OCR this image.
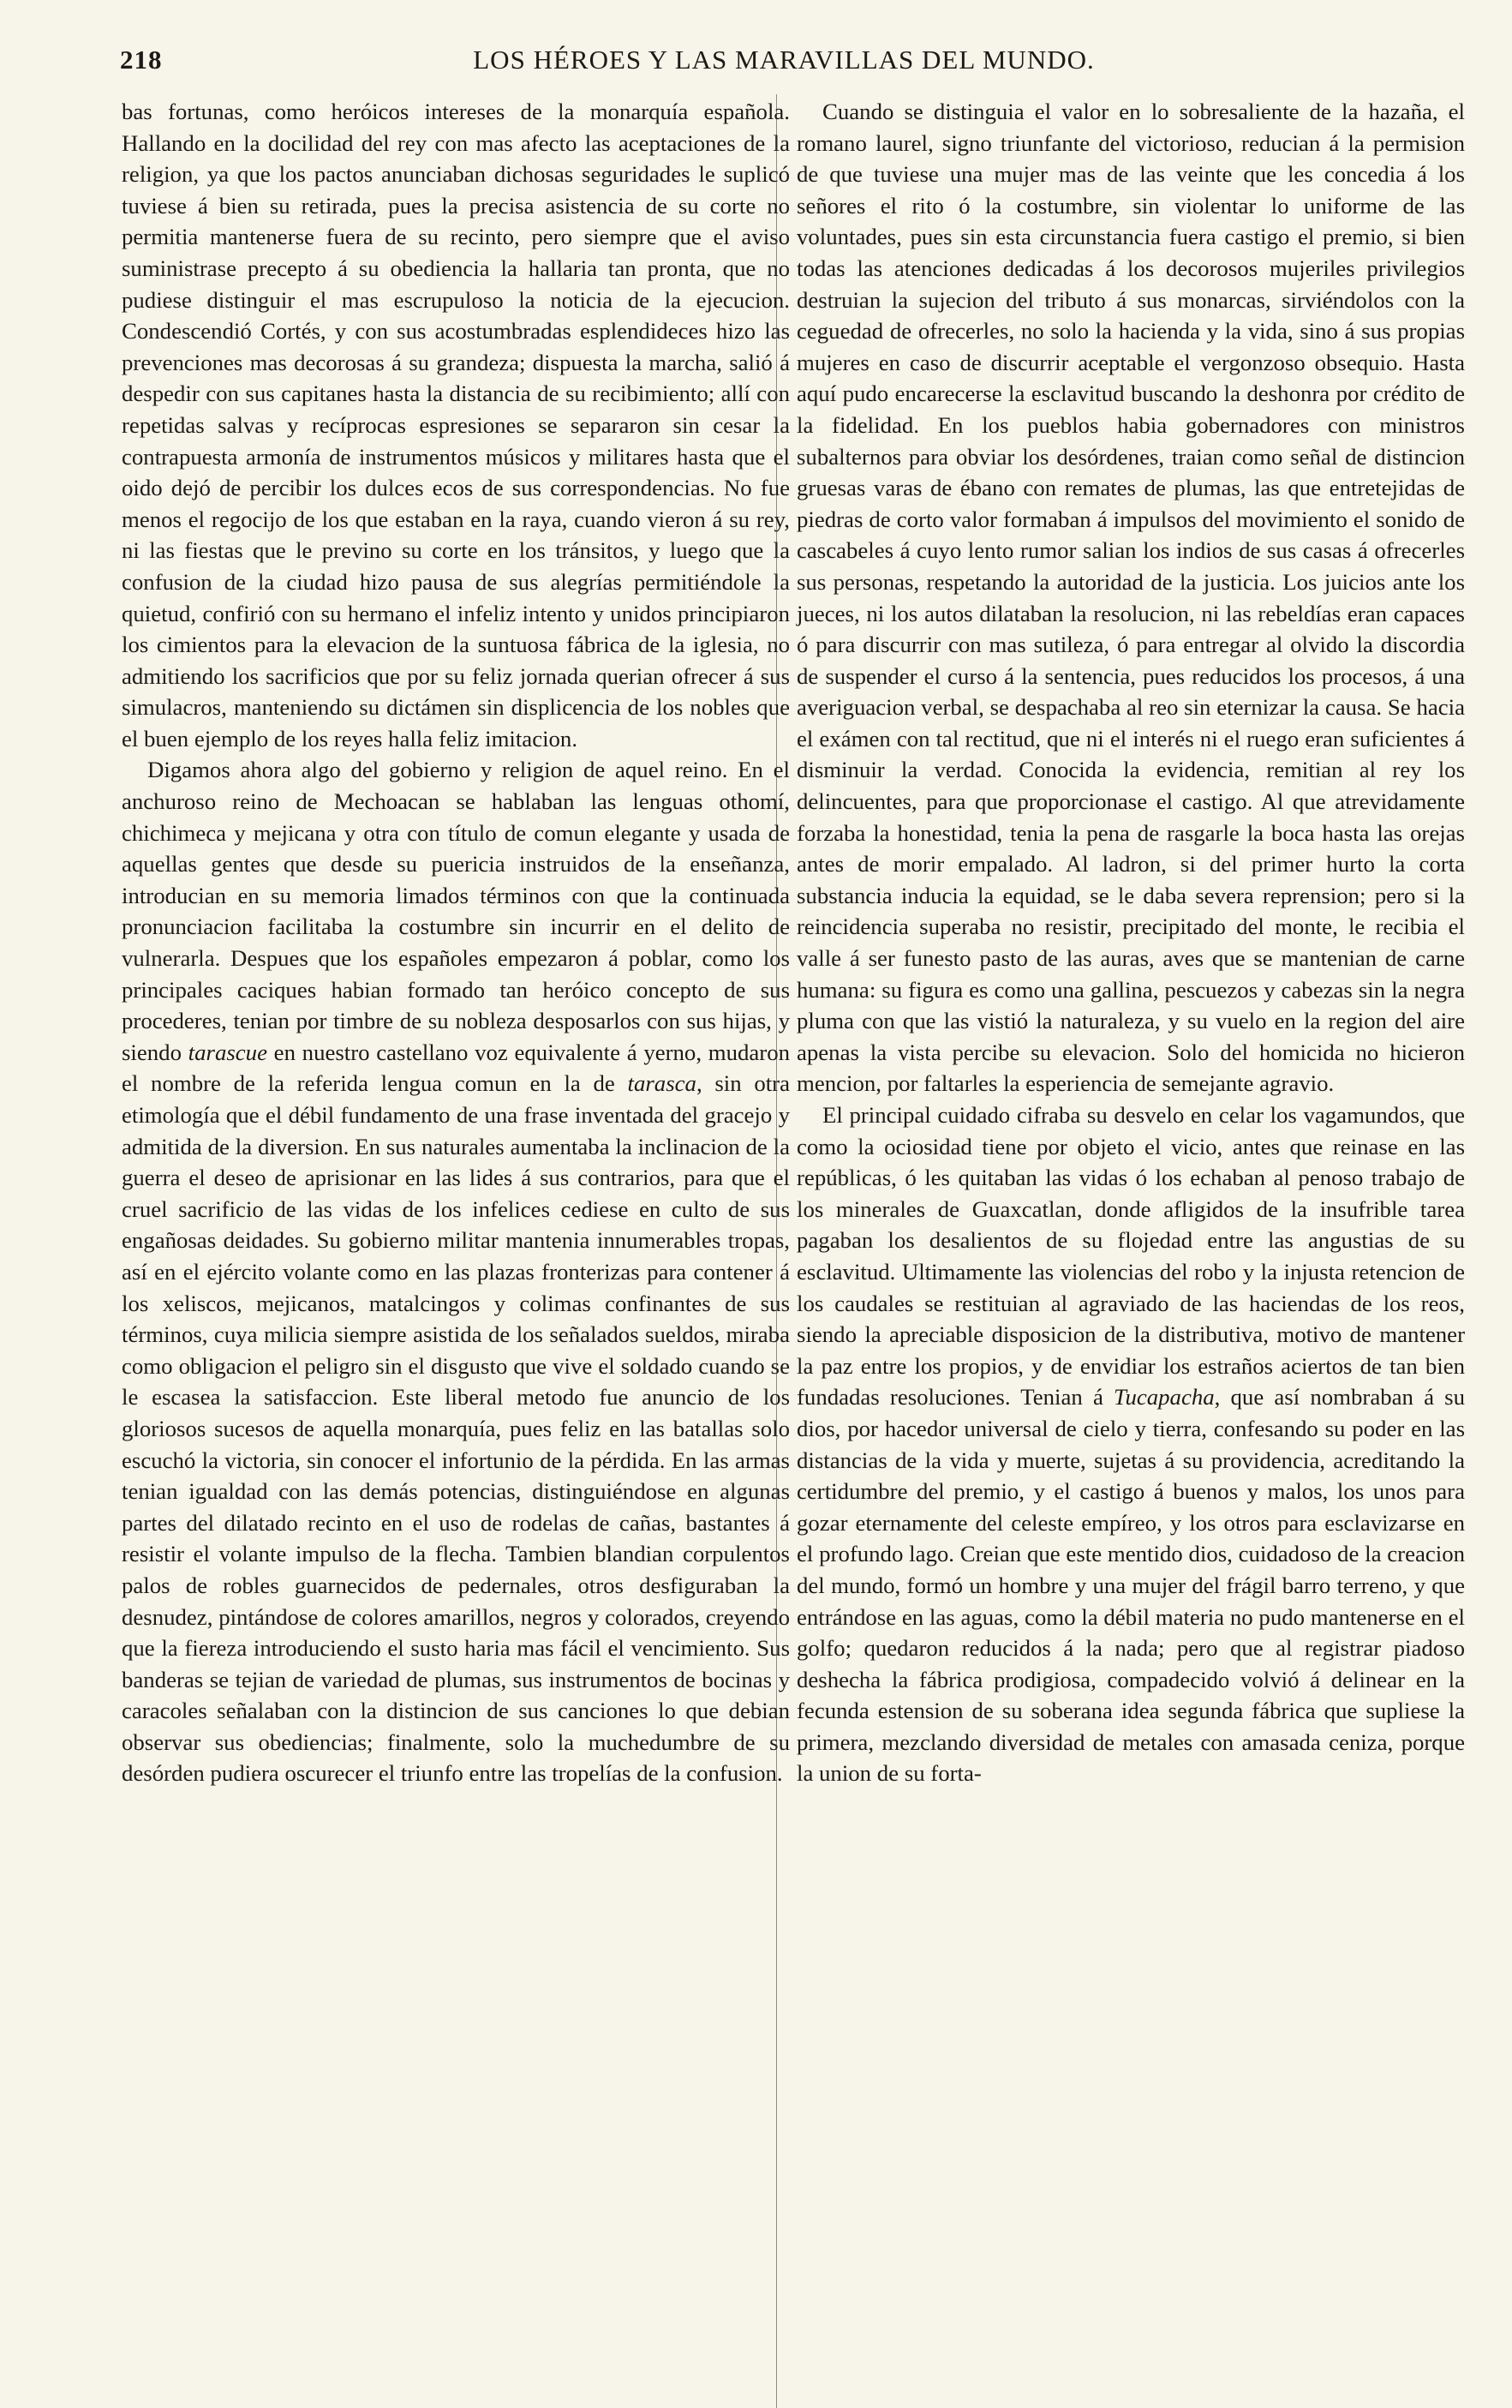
218	LOS HÉROES Y LAS MARAVILLAS DEL MUNDO.

bas fortunas, como heróicos intereses de la monarquía española. Hallando en la docilidad del rey con mas afecto las aceptaciones de la religion, ya que los pactos anunciaban dichosas seguridades le suplicó tuviese á bien su retirada, pues la precisa asistencia de su corte no permitia mantenerse fuera de su recinto, pero siempre que el aviso suministrase precepto á su obediencia la hallaria tan pronta, que no pudiese distinguir el mas escrupuloso la noticia de la ejecucion. Condescendió Cortés, y con sus acostumbradas esplendideces hizo las prevenciones mas decorosas á su grandeza; dispuesta la marcha, salió á despedir con sus capitanes hasta la distancia de su recibimiento; allí con repetidas salvas y recíprocas espresiones se separaron sin cesar la contrapuesta armonía de instrumentos músicos y militares hasta que el oido dejó de percibir los dulces ecos de sus correspondencias. No fue menos el regocijo de los que estaban en la raya, cuando vieron á su rey, ni las fiestas que le previno su corte en los tránsitos, y luego que la confusion de la ciudad hizo pausa de sus alegrías permitiéndole la quietud, confirió con su hermano el infeliz intento y unidos principiaron los cimientos para la elevacion de la suntuosa fábrica de la iglesia, no admitiendo los sacrificios que por su feliz jornada querian ofrecer á sus simulacros, manteniendo su dictámen sin displicencia de los nobles que el buen ejemplo de los reyes halla feliz imitacion.

Digamos ahora algo del gobierno y religion de aquel reino. En el anchuroso reino de Mechoacan se hablaban las lenguas othomí, chichimeca y mejicana y otra con título de comun elegante y usada de aquellas gentes que desde su puericia instruidos de la enseñanza, introducian en su memoria limados términos con que la continuada pronunciacion facilitaba la costumbre sin incurrir en el delito de vulnerarla. Despues que los españoles empezaron á poblar, como los principales caciques habian formado tan heróico concepto de sus procederes, tenian por timbre de su nobleza desposarlos con sus hijas, y siendo tarascue en nuestro castellano voz equivalente á yerno, mudaron el nombre de la referida lengua comun en la de tarasca, sin otra etimología que el débil fundamento de una frase inventada del gracejo y admitida de la diversion. En sus naturales aumentaba la inclinacion de la guerra el deseo de aprisionar en las lides á sus contrarios, para que el cruel sacrificio de las vidas de los infelices cediese en culto de sus engañosas deidades. Su gobierno militar mantenia innumerables tropas, así en el ejército volante como en las plazas fronterizas para contener á los xeliscos, mejicanos, matalcingos y colimas confinantes de sus términos, cuya milicia siempre asistida de los señalados sueldos, miraba como obligacion el peligro sin el disgusto que vive el soldado cuando se le escasea la satisfaccion. Este liberal metodo fue anuncio de los gloriosos sucesos de aquella monarquía, pues feliz en las batallas solo escuchó la victoria, sin conocer el infortunio de la pérdida. En las armas tenian igualdad con las demás potencias, distinguiéndose en algunas partes del dilatado recinto en el uso de rodelas de cañas, bastantes á resistir el volante impulso de la flecha. Tambien blandian corpulentos palos de robles guarnecidos de pedernales, otros desfiguraban la desnudez, pintándose de colores amarillos, negros y colorados, creyendo que la fiereza introduciendo el susto haria mas fácil el vencimiento. Sus banderas se tejian de variedad de plumas, sus instrumentos de bocinas y caracoles señalaban con la distincion de sus canciones lo que debian observar sus obediencias; finalmente, solo la muchedumbre de su desórden pudiera oscurecer el triunfo entre las tropelías de la confusion.

Cuando se distinguia el valor en lo sobresaliente de la hazaña, el romano laurel, signo triunfante del victorioso, reducian á la permision de que tuviese una mujer mas de las veinte que les concedia á los señores el rito ó la costumbre, sin violentar lo uniforme de las voluntades, pues sin esta circunstancia fuera castigo el premio, si bien todas las atenciones dedicadas á los decorosos mujeriles privilegios destruian la sujecion del tributo á sus monarcas, sirviéndolos con la ceguedad de ofrecerles, no solo la hacienda y la vida, sino á sus propias mujeres en caso de discurrir aceptable el vergonzoso obsequio. Hasta aquí pudo encarecerse la esclavitud buscando la deshonra por crédito de la fidelidad. En los pueblos habia gobernadores con ministros subalternos para obviar los desórdenes, traian como señal de distincion gruesas varas de ébano con remates de plumas, las que entretejidas de piedras de corto valor formaban á impulsos del movimiento el sonido de cascabeles á cuyo lento rumor salian los indios de sus casas á ofrecerles sus personas, respetando la autoridad de la justicia. Los juicios ante los jueces, ni los autos dilataban la resolucion, ni las rebeldías eran capaces ó para discurrir con mas sutileza, ó para entregar al olvido la discordia de suspender el curso á la sentencia, pues reducidos los procesos, á una averiguacion verbal, se despachaba al reo sin eternizar la causa. Se hacia el exámen con tal rectitud, que ni el interés ni el ruego eran suficientes á disminuir la verdad. Conocida la evidencia, remitian al rey los delincuentes, para que proporcionase el castigo. Al que atrevidamente forzaba la honestidad, tenia la pena de rasgarle la boca hasta las orejas antes de morir empalado. Al ladron, si del primer hurto la corta substancia inducia la equidad, se le daba severa reprension; pero si la reincidencia superaba no resistir, precipitado del monte, le recibia el valle á ser funesto pasto de las auras, aves que se mantenian de carne humana: su figura es como una gallina, pescuezos y cabezas sin la negra pluma con que las vistió la naturaleza, y su vuelo en la region del aire apenas la vista percibe su elevacion. Solo del homicida no hicieron mencion, por faltarles la esperiencia de semejante agravio.

El principal cuidado cifraba su desvelo en celar los vagamundos, que como la ociosidad tiene por objeto el vicio, antes que reinase en las repúblicas, ó les quitaban las vidas ó los echaban al penoso trabajo de los minerales de Guaxcatlan, donde afligidos de la insufrible tarea pagaban los desalientos de su flojedad entre las angustias de su esclavitud. Ultimamente las violencias del robo y la injusta retencion de los caudales se restituian al agraviado de las haciendas de los reos, siendo la apreciable disposicion de la distributiva, motivo de mantener la paz entre los propios, y de envidiar los estraños aciertos de tan bien fundadas resoluciones. Tenian á Tucapacha, que así nombraban á su dios, por hacedor universal de cielo y tierra, confesando su poder en las distancias de la vida y muerte, sujetas á su providencia, acreditando la certidumbre del premio, y el castigo á buenos y malos, los unos para gozar eternamente del celeste empíreo, y los otros para esclavizarse en el profundo lago. Creian que este mentido dios, cuidadoso de la creacion del mundo, formó un hombre y una mujer del frágil barro terreno, y que entrándose en las aguas, como la débil materia no pudo mantenerse en el golfo; quedaron reducidos á la nada; pero que al registrar piadoso deshecha la fábrica prodigiosa, compadecido volvió á delinear en la fecunda estension de su soberana idea segunda fábrica que supliese la primera, mezclando diversidad de metales con amasada ceniza, porque la union de su forta-
